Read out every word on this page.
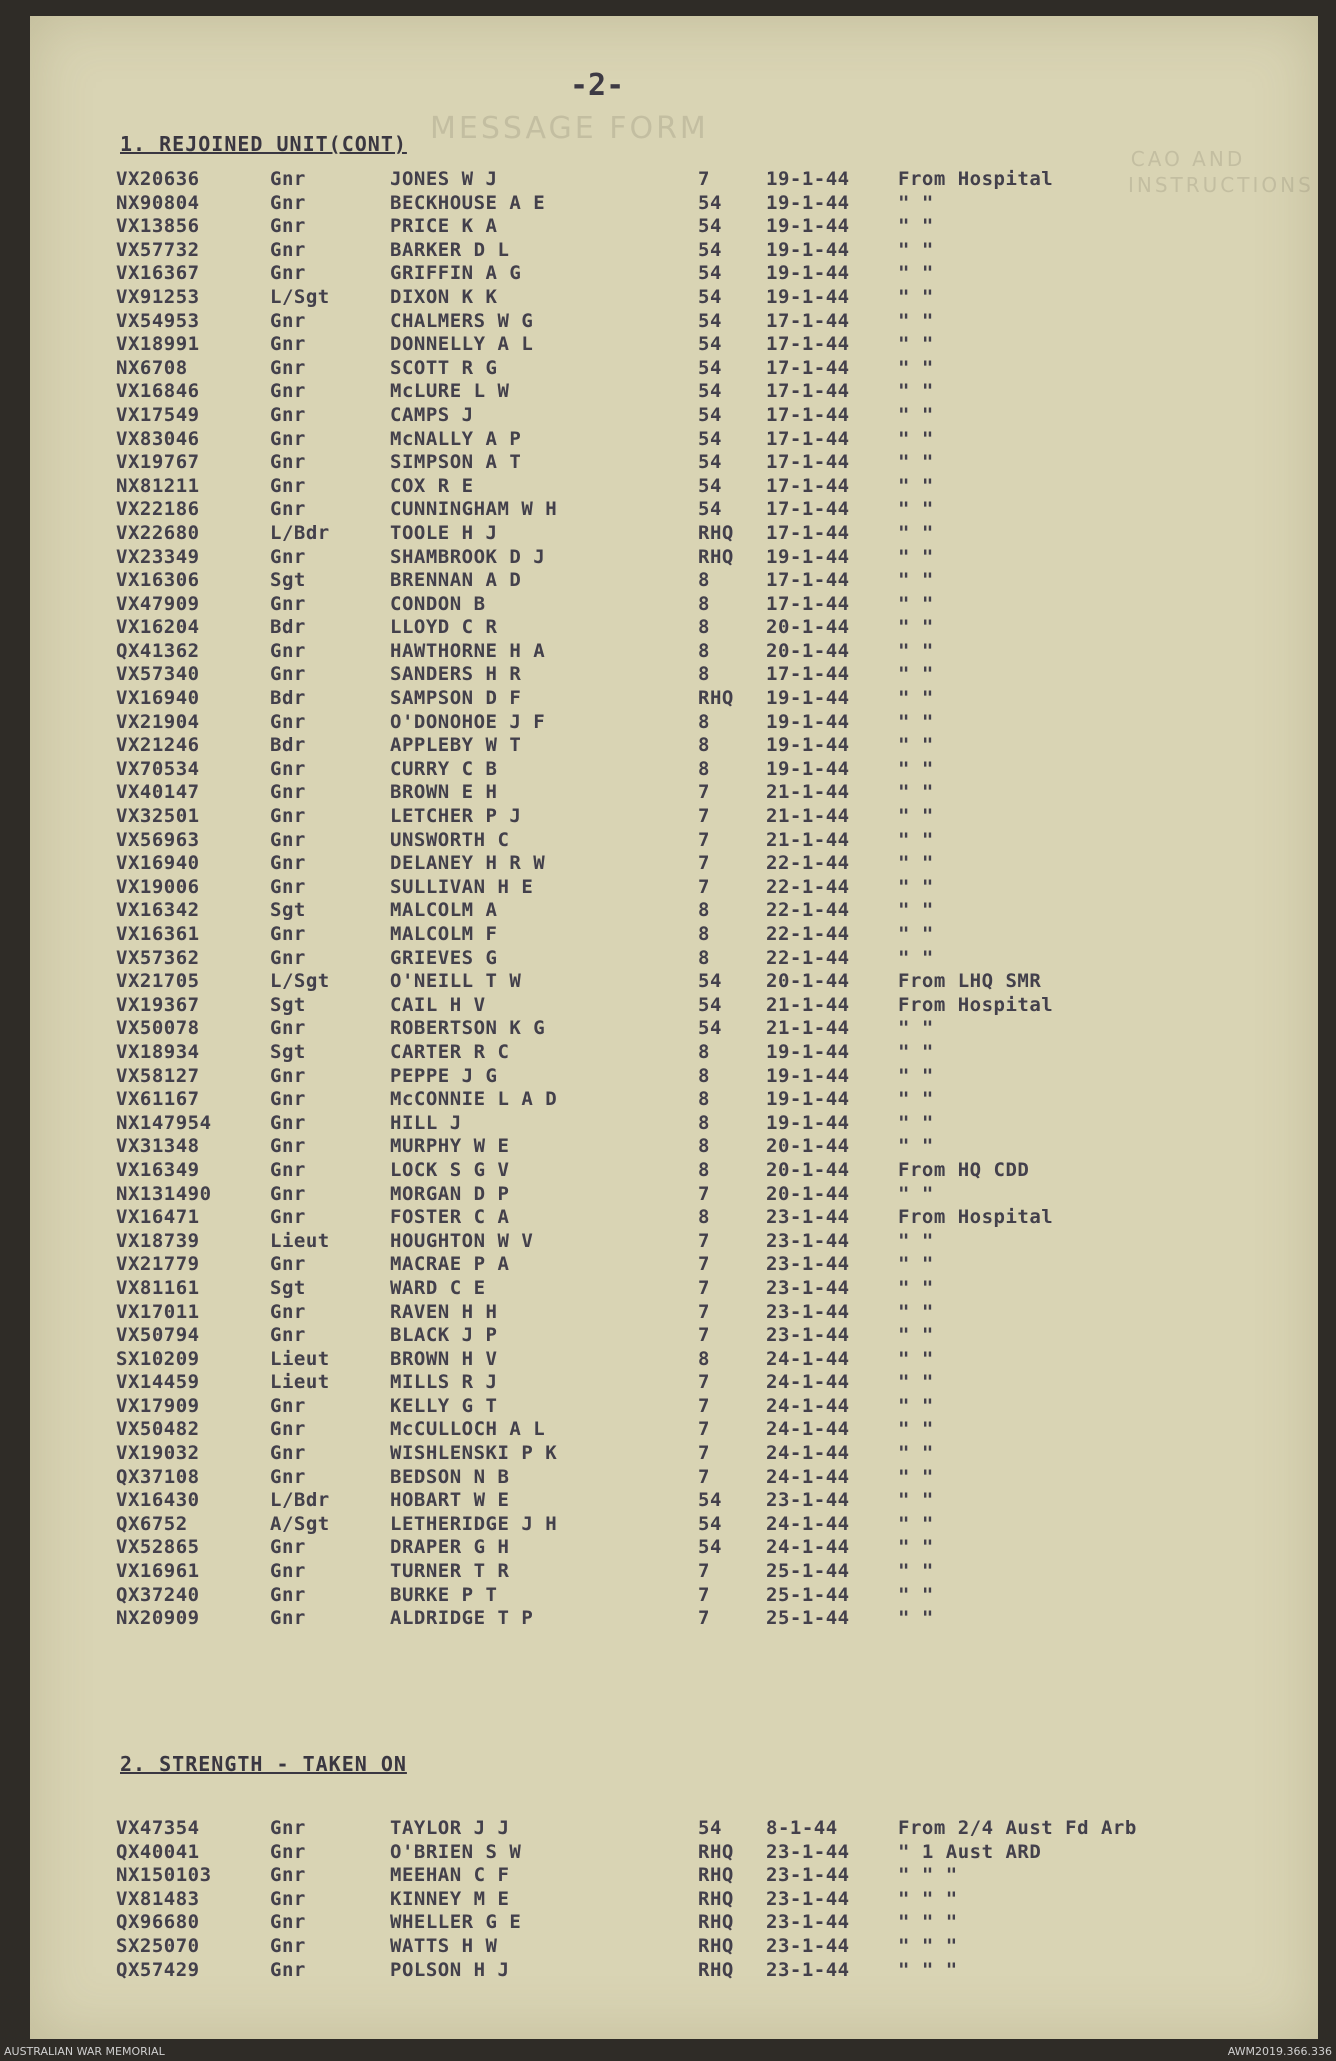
MESSAGE FORM
CAO AND INSTRUCTIONS
-2-
1. REJOINED UNIT(CONT)
VX20636	Gnr	JONES W J	7	19-1-44	From Hospital
NX90804	Gnr	BECKHOUSE A E	54 19-1-44	" "
VX13856	Gnr	PRICE K A	54 19-1-44	" "
VX57732	Gnr	BARKER D L	54 19-1-44	" "
VX16367	Gnr	GRIFFIN A G	54 19-1-44	" "
VX91253	L/Sgt	DIXON K K	54 19-1-44	" "
VX54953	Gnr	CHALMERS W G	54 17-1-44	" "
VX18991	Gnr	DONNELLY A L	54 17-1-44	" "
NX6708	Gnr	SCOTT R G	54 17-1-44	" "
VX16846	Gnr	McLURE L W	54 17-1-44	" "
VX17549	Gnr	CAMPS J	54 17-1-44	" "
VX83046	Gnr	McNALLY A P	54 17-1-44	" "
VX19767	Gnr	SIMPSON A T	54 17-1-44	" "
NX81211	Gnr	COX R E	54 17-1-44	" "
VX22186	Gnr	CUNNINGHAM W H	54 17-1-44	" "
VX22680	L/Bdr	TOOLE H J	RHQ 17-1-44	" "
VX23349	Gnr	SHAMBROOK D J	RHQ 19-1-44	" "
VX16306	Sgt	BRENNAN A D	8	17-1-44	" "
VX47909	Gnr	CONDON B	8	17-1-44	" "
VX16204	Bdr	LLOYD C R	8	20-1-44	" "
QX41362	Gnr	HAWTHORNE H A	8	20-1-44	" "
VX57340	Gnr	SANDERS H R	8	17-1-44	" "
VX16940	Bdr	SAMPSON D F	RHQ 19-1-44	" "
VX21904	Gnr	O'DONOHOE J F	8	19-1-44	" "
VX21246	Bdr	APPLEBY W T	8	19-1-44	" "
VX70534	Gnr	CURRY C B	8	19-1-44	" "
VX40147	Gnr	BROWN E H	7	21-1-44	" "
VX32501	Gnr	LETCHER P J	7	21-1-44	" "
VX56963	Gnr	UNSWORTH C	7	21-1-44	" "
VX16940	Gnr	DELANEY H R W	7	22-1-44	" "
VX19006	Gnr	SULLIVAN H E	7	22-1-44	" "
VX16342	Sgt	MALCOLM A	8	22-1-44	" "
VX16361	Gnr	MALCOLM F	8	22-1-44	" "
VX57362	Gnr	GRIEVES G	8	22-1-44	" "
VX21705	L/Sgt	O'NEILL T W	54 20-1-44	From LHQ SMR
VX19367	Sgt	CAIL H V	54 21-1-44	From Hospital
VX50078	Gnr	ROBERTSON K G	54 21-1-44	" "
VX18934	Sgt	CARTER R C	8	19-1-44	" "
VX58127	Gnr	PEPPE J G	8	19-1-44	" "
VX61167	Gnr	McCONNIE L A D	8	19-1-44	" "
NX147954	Gnr	HILL J	8	19-1-44	" "
VX31348	Gnr	MURPHY W E	8	20-1-44	" "
VX16349	Gnr	LOCK S G V	8	20-1-44	From HQ CDD
NX131490	Gnr	MORGAN D P	7	20-1-44	" "
VX16471	Gnr	FOSTER C A	8	23-1-44	From Hospital
VX18739	Lieut	HOUGHTON W V	7	23-1-44	" "
VX21779	Gnr	MACRAE P A	7	23-1-44	" "
VX81161	Sgt	WARD C E	7	23-1-44	" "
VX17011	Gnr	RAVEN H H	7	23-1-44	" "
VX50794	Gnr	BLACK J P	7	23-1-44	" "
SX10209	Lieut	BROWN H V	8	24-1-44	" "
VX14459	Lieut	MILLS R J	7	24-1-44	" "
VX17909	Gnr	KELLY G T	7	24-1-44	" "
VX50482	Gnr	McCULLOCH A L	7	24-1-44	" "
VX19032	Gnr	WISHLENSKI P K	7	24-1-44	" "
QX37108	Gnr	BEDSON N B	7	24-1-44	" "
VX16430	L/Bdr	HOBART W E	54 23-1-44	" "
QX6752	A/Sgt	LETHERIDGE J H	54 24-1-44	" "
VX52865	Gnr	DRAPER G H	54 24-1-44	" "
VX16961	Gnr	TURNER T R	7	25-1-44	" "
QX37240	Gnr	BURKE P T	7	25-1-44	" "
NX20909	Gnr	ALDRIDGE T P	7	25-1-44	" "
2. STRENGTH - TAKEN ON
VX47354	Gnr	TAYLOR J J	54 8-1-44	From 2/4 Aust Fd Arb
QX40041	Gnr	O'BRIEN S W	RHQ 23-1-44	" 1 Aust ARD
NX150103	Gnr	MEEHAN C F	RHQ 23-1-44	" " "
VX81483	Gnr	KINNEY M E	RHQ 23-1-44	" " "
QX96680	Gnr	WHELLER G E	RHQ 23-1-44	" " "
SX25070	Gnr	WATTS H W	RHQ 23-1-44	" " "
QX57429	Gnr	POLSON H J	RHQ 23-1-44	" " "
AUSTRALIAN WAR MEMORIAL	AWM2019.366.336
